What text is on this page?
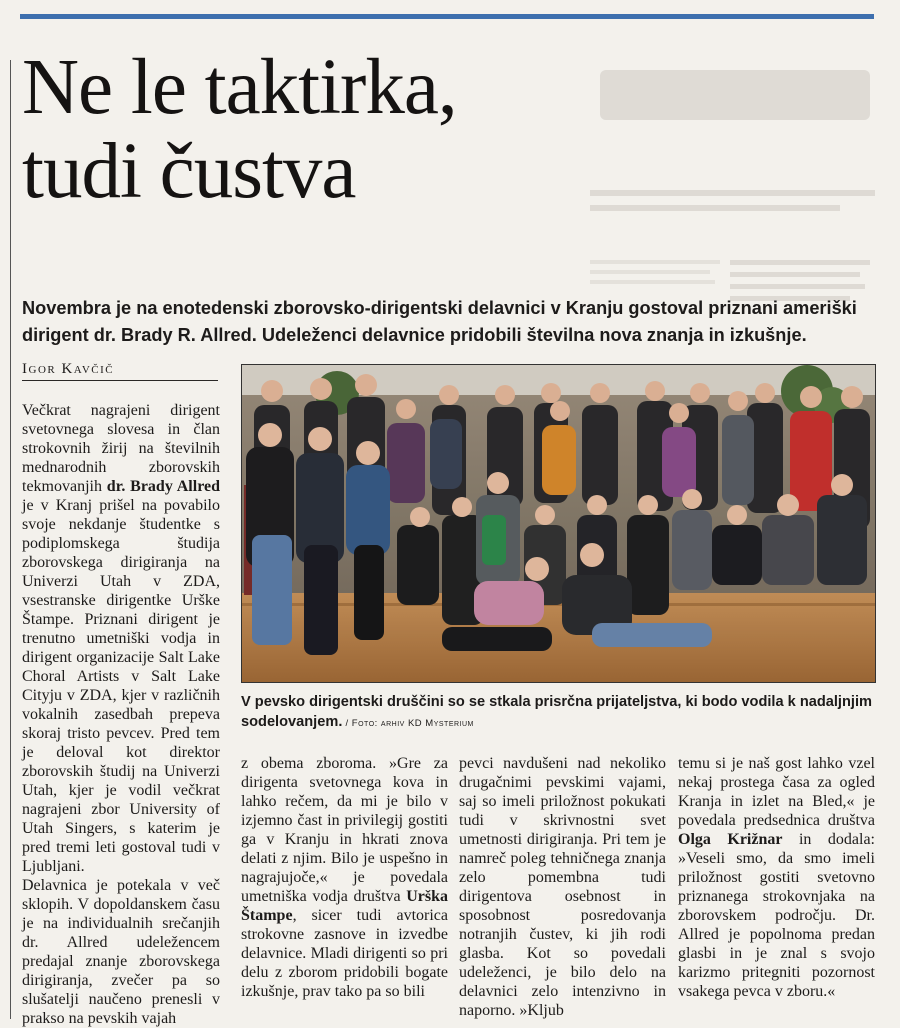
Ne le taktirka,
tudi čustva

Novembra je na enotedenski zborovsko-dirigentski delavnici v Kranju gostoval priznani ameriški dirigent dr. Brady R. Allred. Udeleženci delavnice pridobili številna nova znanja in izkušnje.

Igor Kavčič

Večkrat nagrajeni dirigent svetovnega slovesa in član strokovnih žirij na številnih mednarodnih zborovskih tekmovanjih dr. Brady Allred je v Kranj prišel na povabilo svoje nekdanje študentke s podiplomskega študija zborovskega dirigiranja na Univerzi Utah v ZDA, vsestranske dirigentke Urške Štampe. Priznani dirigent je trenutno umetniški vodja in dirigent organizacije Salt Lake Choral Artists v Salt Lake Cityju v ZDA, kjer v različnih vokalnih zasedbah prepeva skoraj tristo pevcev. Pred tem je deloval kot direktor zborovskih študij na Univerzi Utah, kjer je vodil večkrat nagrajeni zbor University of Utah Singers, s katerim je pred tremi leti gostoval tudi v Ljubljani.

Delavnica je potekala v več sklopih. V dopoldanskem času je na individualnih srečanjih dr. Allred udeležencem predajal znanje zborovskega dirigiranja, zvečer pa so slušatelji naučeno prenesli v prakso na pevskih vajah

V pevsko dirigentski druščini so se stkala prisrčna prijateljstva, ki bodo vodila k nadaljnjim sodelovanjem. / Foto: arhiv KD Mysterium

z obema zboroma. »Gre za dirigenta svetovnega kova in lahko rečem, da mi je bilo v izjemno čast in privilegij gostiti ga v Kranju in hkrati znova delati z njim. Bilo je uspešno in nagrajujoče,« je povedala umetniška vodja društva Urška Štampe, sicer tudi avtorica strokovne zasnove in izvedbe delavnice. Mladi dirigenti so pri delu z zborom pridobili bogate izkušnje, prav tako pa so bili

pevci navdušeni nad nekoliko drugačnimi pevskimi vajami, saj so imeli priložnost pokukati tudi v skrivnostni svet umetnosti dirigiranja. Pri tem je namreč poleg tehničnega znanja zelo pomembna tudi dirigentova osebnost in sposobnost posredovanja notranjih čustev, ki jih rodi glasba. Kot so povedali udeleženci, je bilo delo na delavnici zelo intenzivno in naporno. »Kljub

temu si je naš gost lahko vzel nekaj prostega časa za ogled Kranja in izlet na Bled,« je povedala predsednica društva Olga Križnar in dodala: »Veseli smo, da smo imeli priložnost gostiti svetovno priznanega strokovnjaka na zborovskem področju. Dr. Allred je popolnoma predan glasbi in je znal s svojo karizmo pritegniti pozornost vsakega pevca v zboru.«
